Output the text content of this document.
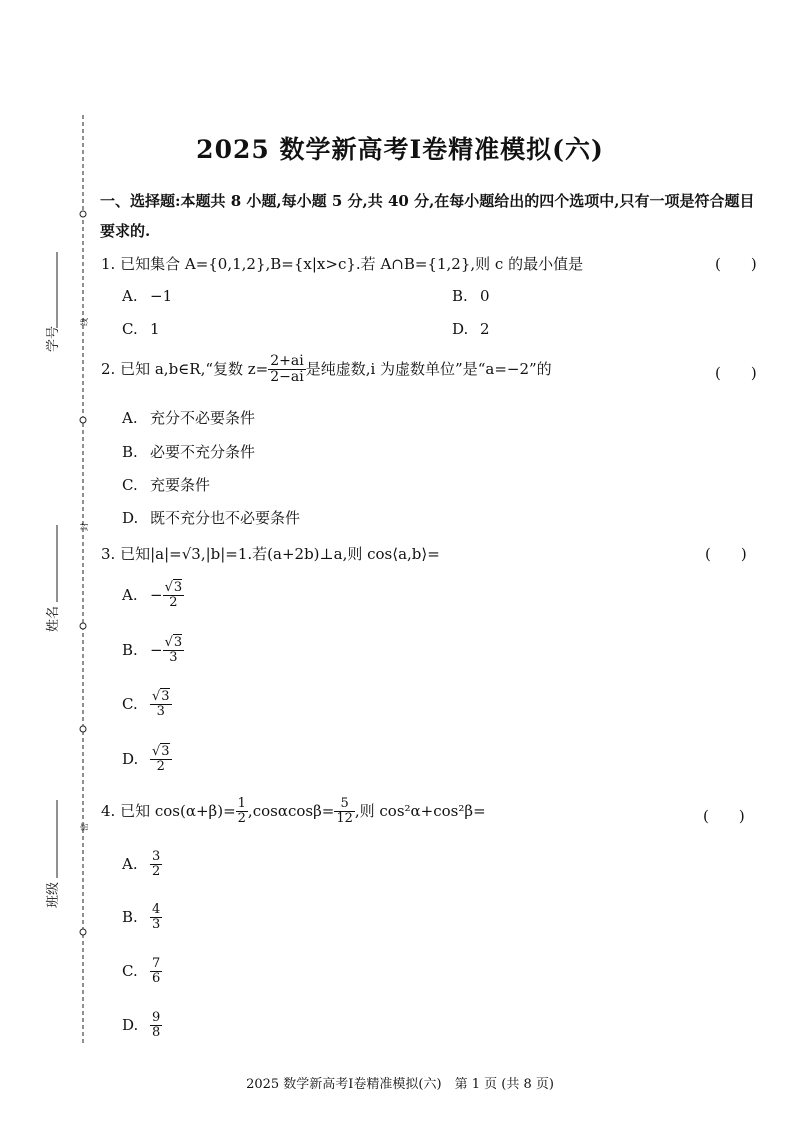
学号
姓名
班级
线
封
密
2025 数学新高考Ⅰ卷精准模拟(六)
一、选择题:本题共 8 小题,每小题 5 分,共 40 分,在每小题给出的四个选项中,只有一项是符合题目要求的.
1. 已知集合 A={0,1,2},B={x|x>c}.若 A∩B={1,2},则 c 的最小值是	(　　)
A. −1	B. 0
C. 1	D. 2
2. 已知 a,b∈R,“复数 $z= \frac{2+ai}{2-ai}$ 是纯虚数,i 为虚数单位”是“a=−2”的	(　　)
A. 充分不必要条件
B. 必要不充分条件
C. 充要条件
D. 既不充分也不必要条件
3. 已知|a|=√3,|b|=1.若(a+2b)⊥a,则 cos⟨a,b⟩=	(　　)
A. − $\frac{√3}{2}$
B. − $\frac{√3}{3}$
C. $\frac{√3}{3}$
D. $\frac{√3}{2}$
4. 已知 $\cos(\alpha+\beta)= \frac{1}{2} ,\cos\alpha\cos\beta= \frac{5}{12}$ ,则 cos²α+cos²β=	(　　)
A. $\frac{3}{2}$
B. $\frac{4}{3}$
C. $\frac{7}{6}$
D. $\frac{9}{8}$
2025 数学新高考Ⅰ卷精准模拟(六)　第 1 页 (共 8 页)
